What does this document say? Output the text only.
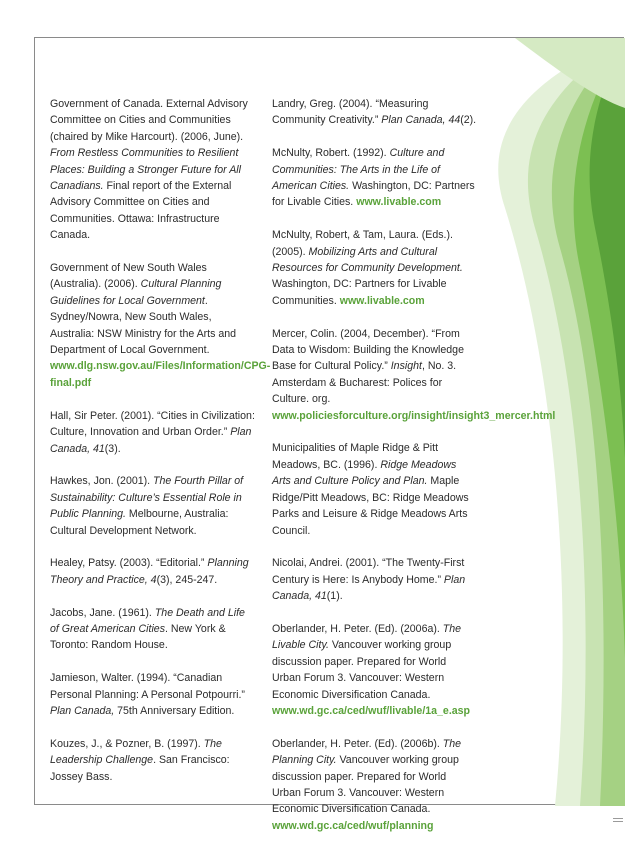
Government of Canada. External Advisory Committee on Cities and Communities (chaired by Mike Harcourt). (2006, June). From Restless Communities to Resilient Places: Building a Stronger Future for All Canadians. Final report of the External Advisory Committee on Cities and Communities. Ottawa: Infrastructure Canada.

Government of New South Wales (Australia). (2006). Cultural Planning Guidelines for Local Government. Sydney/Nowra, New South Wales, Australia: NSW Ministry for the Arts and Department of Local Government. www.dlg.nsw.gov.au/Files/Information/CPG-final.pdf

Hall, Sir Peter. (2001). “Cities in Civilization: Culture, Innovation and Urban Order.” Plan Canada, 41(3).

Hawkes, Jon. (2001). The Fourth Pillar of Sustainability: Culture’s Essential Role in Public Planning. Melbourne, Australia: Cultural Development Network.

Healey, Patsy. (2003). “Editorial.” Planning Theory and Practice, 4(3), 245-247.

Jacobs, Jane. (1961). The Death and Life of Great American Cities. New York & Toronto: Random House.

Jamieson, Walter. (1994). “Canadian Personal Planning: A Personal Potpourri.” Plan Canada, 75th Anniversary Edition.

Kouzes, J., & Pozner, B. (1997). The Leadership Challenge. San Francisco: Jossey Bass.

Landry, Greg. (2004). “Measuring Community Creativity.” Plan Canada, 44(2).

McNulty, Robert. (1992). Culture and Communities: The Arts in the Life of American Cities. Washington, DC: Partners for Livable Cities. www.livable.com

McNulty, Robert, & Tam, Laura. (Eds.). (2005). Mobilizing Arts and Cultural Resources for Community Development. Washington, DC: Partners for Livable Communities. www.livable.com

Mercer, Colin. (2004, December). “From Data to Wisdom: Building the Knowledge Base for Cultural Policy.” Insight, No. 3. Amsterdam & Bucharest: Polices for Culture. org. www.policiesforculture.org/insight/insight3_mercer.html

Municipalities of Maple Ridge & Pitt Meadows, BC. (1996). Ridge Meadows Arts and Culture Policy and Plan. Maple Ridge/Pitt Meadows, BC: Ridge Meadows Parks and Leisure & Ridge Meadows Arts Council.

Nicolai, Andrei. (2001). “The Twenty-First Century is Here: Is Anybody Home.” Plan Canada, 41(1).

Oberlander, H. Peter. (Ed). (2006a). The Livable City. Vancouver working group discussion paper. Prepared for World Urban Forum 3. Vancouver: Western Economic Diversification Canada. www.wd.gc.ca/ced/wuf/livable/1a_e.asp

Oberlander, H. Peter. (Ed). (2006b). The Planning City. Vancouver working group discussion paper. Prepared for World Urban Forum 3. Vancouver: Western Economic Diversification Canada. www.wd.gc.ca/ced/wuf/planning
